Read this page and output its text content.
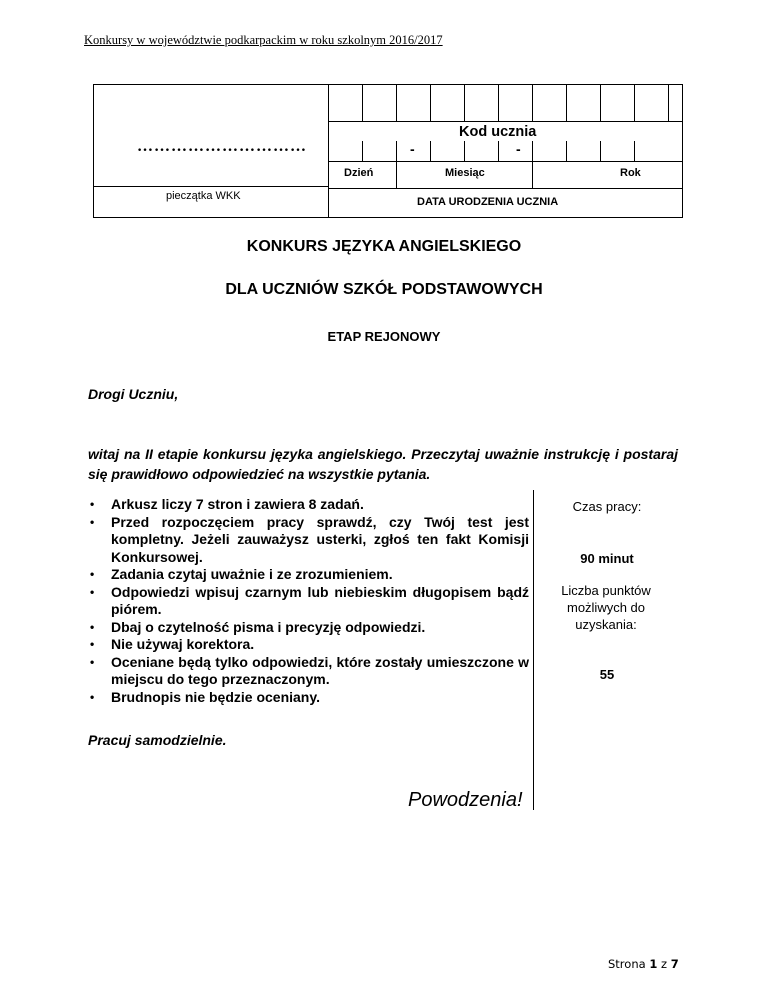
Konkursy w województwie podkarpackim w roku szkolnym 2016/2017
…………………………
pieczątka WKK
Kod ucznia
-	-
Dzień	Miesiąc	Rok
DATA URODZENIA UCZNIA
KONKURS JĘZYKA ANGIELSKIEGO
DLA UCZNIÓW SZKÓŁ PODSTAWOWYCH
ETAP REJONOWY
Drogi Uczniu,
witaj na II etapie konkursu języka angielskiego. Przeczytaj uważnie instrukcję i postaraj się prawidłowo odpowiedzieć na wszystkie pytania.
• Arkusz liczy 7 stron i zawiera 8 zadań.
• Przed rozpoczęciem pracy sprawdź, czy Twój test jest kompletny. Jeżeli zauważysz usterki, zgłoś ten fakt Komisji Konkursowej.
• Zadania czytaj uważnie i ze zrozumieniem.
• Odpowiedzi wpisuj czarnym lub niebieskim długopisem bądź piórem.
• Dbaj o czytelność pisma i precyzję odpowiedzi.
• Nie używaj korektora.
• Oceniane będą tylko odpowiedzi, które zostały umieszczone w miejscu do tego przeznaczonym.
• Brudnopis nie będzie oceniany.
Czas pracy:
90 minut
Liczba punktów możliwych do uzyskania:
55
Pracuj samodzielnie.
Powodzenia!
Strona 1 z 7
